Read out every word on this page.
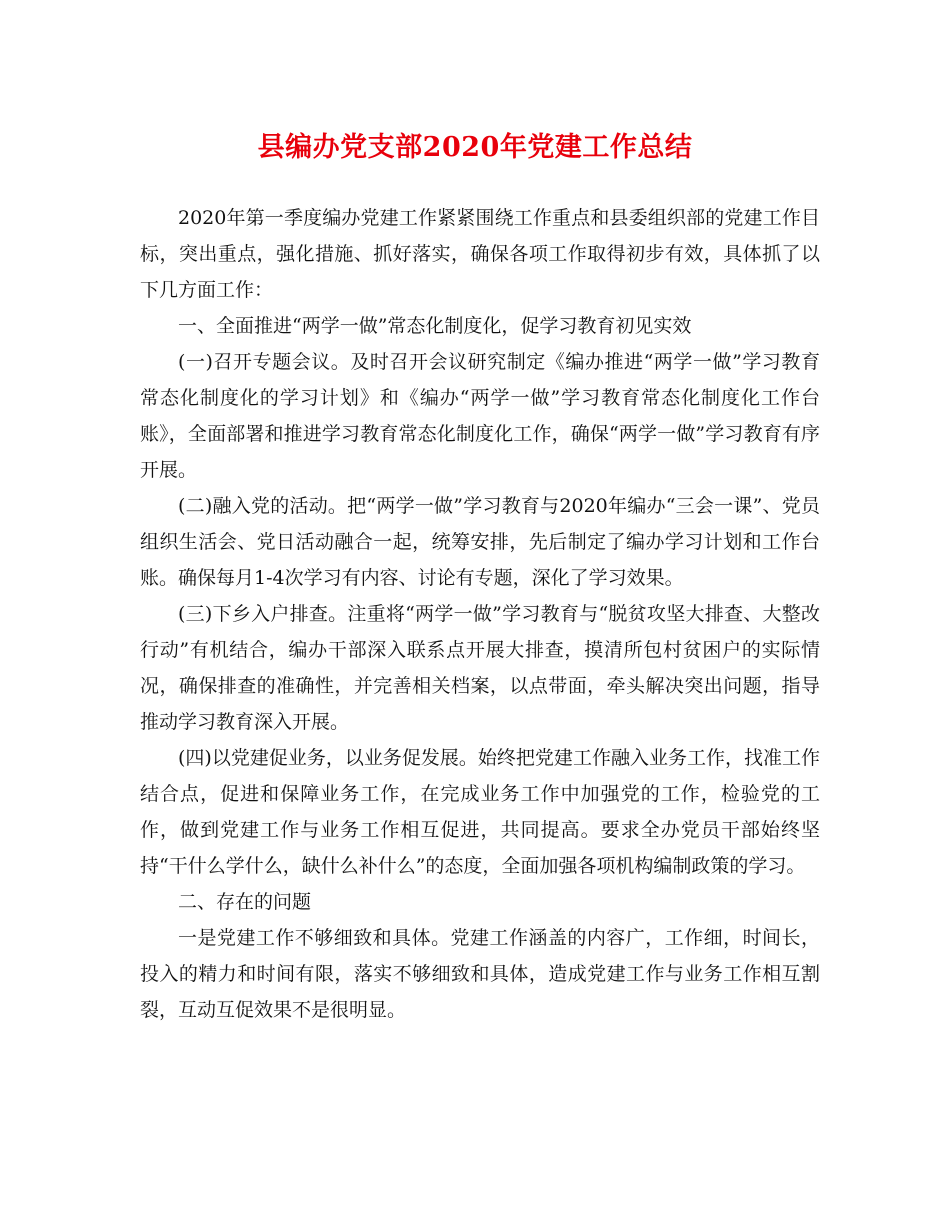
县编办党支部2020年党建工作总结

2020年第一季度编办党建工作紧紧围绕工作重点和县委组织部的党建工作目标，突出重点，强化措施、抓好落实，确保各项工作取得初步有效，具体抓了以下几方面工作：

一、全面推进“两学一做”常态化制度化，促学习教育初见实效

(一)召开专题会议。及时召开会议研究制定《编办推进“两学一做”学习教育常态化制度化的学习计划》和《编办“两学一做”学习教育常态化制度化工作台账》，全面部署和推进学习教育常态化制度化工作，确保“两学一做”学习教育有序开展。

(二)融入党的活动。把“两学一做”学习教育与2020年编办“三会一课”、党员组织生活会、党日活动融合一起，统筹安排，先后制定了编办学习计划和工作台账。确保每月1-4次学习有内容、讨论有专题，深化了学习效果。

(三)下乡入户排查。注重将“两学一做”学习教育与“脱贫攻坚大排查、大整改行动”有机结合，编办干部深入联系点开展大排查，摸清所包村贫困户的实际情况，确保排查的准确性，并完善相关档案，以点带面，牵头解决突出问题，指导推动学习教育深入开展。

(四)以党建促业务，以业务促发展。始终把党建工作融入业务工作，找准工作结合点，促进和保障业务工作，在完成业务工作中加强党的工作，检验党的工作，做到党建工作与业务工作相互促进，共同提高。要求全办党员干部始终坚持“干什么学什么，缺什么补什么”的态度，全面加强各项机构编制政策的学习。

二、存在的问题

一是党建工作不够细致和具体。党建工作涵盖的内容广，工作细，时间长，投入的精力和时间有限，落实不够细致和具体，造成党建工作与业务工作相互割裂，互动互促效果不是很明显。
